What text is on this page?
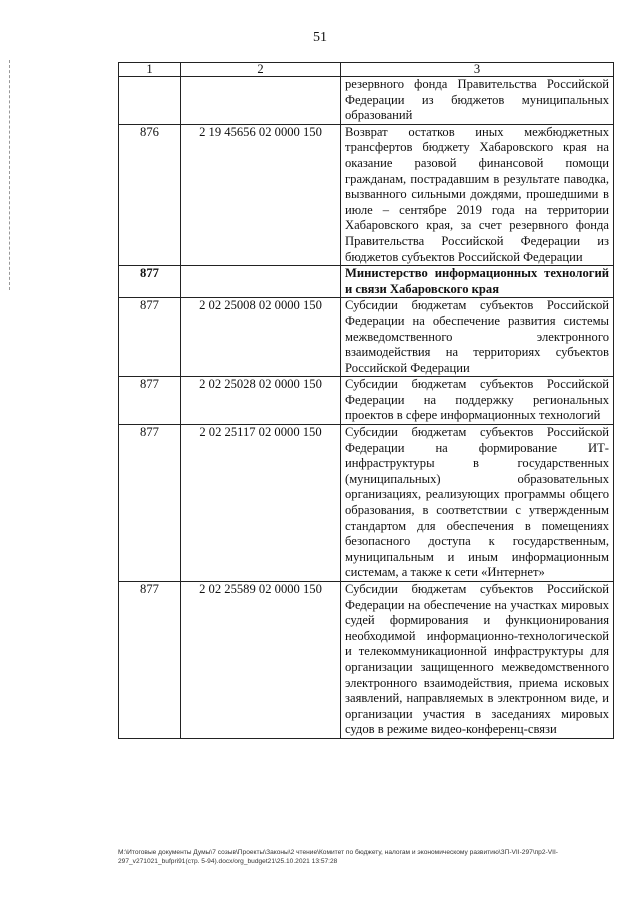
51
1	2	3
		резервного фонда Правительства Российской Федерации из бюджетов муниципальных образований
876	2 19 45656 02 0000 150	Возврат остатков иных межбюджетных трансфертов бюджету Хабаровского края на оказание разовой финансовой помощи гражданам, пострадавшим в результате паводка, вызванного сильными дождями, прошедшими в июле – сентябре 2019 года на территории Хабаровского края, за счет резервного фонда Правительства Российской Федерации из бюджетов субъектов Российской Федерации
877		Министерство информационных технологий и связи Хабаровского края
877	2 02 25008 02 0000 150	Субсидии бюджетам субъектов Российской Федерации на обеспечение развития системы межведомственного электронного взаимодействия на территориях субъектов Российской Федерации
877	2 02 25028 02 0000 150	Субсидии бюджетам субъектов Российской Федерации на поддержку региональных проектов в сфере информационных технологий
877	2 02 25117 02 0000 150	Субсидии бюджетам субъектов Российской Федерации на формирование ИТ-инфраструктуры в государственных (муниципальных) образовательных организациях, реализующих программы общего образования, в соответствии с утвержденным стандартом для обеспечения в помещениях безопасного доступа к государственным, муниципальным и иным информационным системам, а также к сети «Интернет»
877	2 02 25589 02 0000 150	Субсидии бюджетам субъектов Российской Федерации на обеспечение на участках мировых судей формирования и функционирования необходимой информационно-технологической и телекоммуникационной инфраструктуры для организации защищенного межведомственного электронного взаимодействия, приема исковых заявлений, направляемых в электронном виде, и организации участия в заседаниях мировых судов в режиме видео-конференц-связи
M:\Итоговые документы Думы\7 созыв\Проекты\Законы\2 чтение\Комитет по бюджету, налогам и экономическому развитию\ЗП-VII-297\пр2-VII-297_v271021_bufpri91(стр. 5-94).docx/org_budget21\25.10.2021 13:57:28
